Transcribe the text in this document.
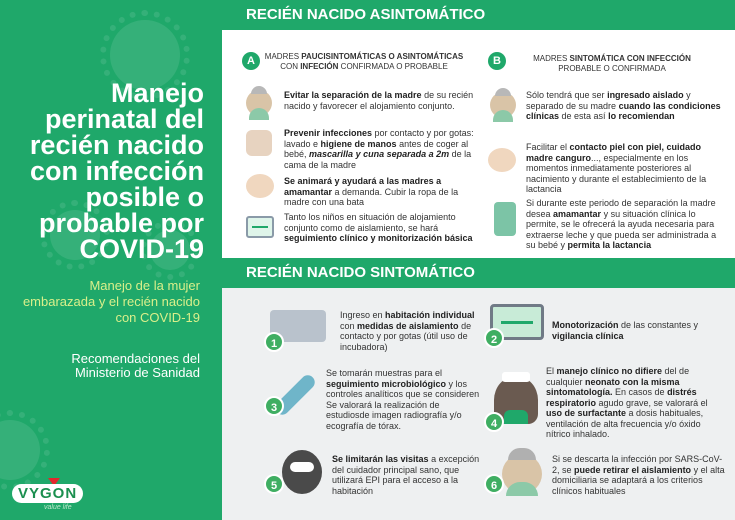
Manejo perinatal del recién nacido con infección posible o probable por COVID-19

Manejo de la mujer embarazada y el recién nacido con COVID-19

Recomendaciones del Ministerio de Sanidad

VYGON
value life
RECIÉN NACIDO ASINTOMÁTICO
A	MADRES PAUCISINTOMÁTICAS O ASINTOMÁTICAS CON INFECIÓN CONFIRMADA O PROBABLE
Evitar la separación de la madre de su recién nacido y favorecer el alojamiento conjunto.
Prevenir infecciones por contacto y por gotas: lavado e higiene de manos antes de coger al bebé, mascarilla y cuna separada a 2m de la cama de la madre
Se animará y ayudará a las madres a amamantar a demanda. Cubir la ropa de la madre con una bata
Tanto los niños en situación de alojamiento conjunto como de aislamiento, se hará seguimiento clínico y monitorización básica
B	MADRES SINTOMÁTICA CON INFECCIÓN PROBABLE O CONFIRMADA
Sólo tendrá que ser ingresado aislado y separado de su madre cuando las condiciones clínicas de esta así lo recomiendan
Facilitar el contacto piel con piel, cuidado madre canguro..., especialmente en los momentos inmediatamente posteriores al nacimiento y durante el establecimiento de la lactancia
Si durante este periodo de separación la madre desea amamantar y su situación clínica lo permite, se le ofrecerá la ayuda necesaria para extraerse leche y que pueda ser administrada a su bebé y permita la lactancia
RECIÉN NACIDO SINTOMÁTICO
1
Ingreso en habitación individual con medidas de aislamiento de contacto y por gotas (útil uso de incubadora)
2
Monotorización de las constantes y vigilancia clínica
3
Se tomarán muestras para el seguimiento microbiológico y los controles analíticos que se consideren Se valorará la realización de estudiosde imagen radiografía y/o ecografía de tórax.	4
El manejo clínico no difiere del de cualquier neonato con la misma sintomatología. En casos de distrés respiratorio agudo grave, se valorará el uso de surfactante a dosis habituales, ventilación de alta frecuencia y/o óxido nítrico inhalado.
5
Se limitarán las visitas a excepción del cuidador principal sano, que utilizará EPI para el acceso a la habitación	6
Si se descarta la infección por SARS-CoV-2, se puede retirar el aislamiento y el alta domiciliaria se adaptará a los criterios clínicos habituales
